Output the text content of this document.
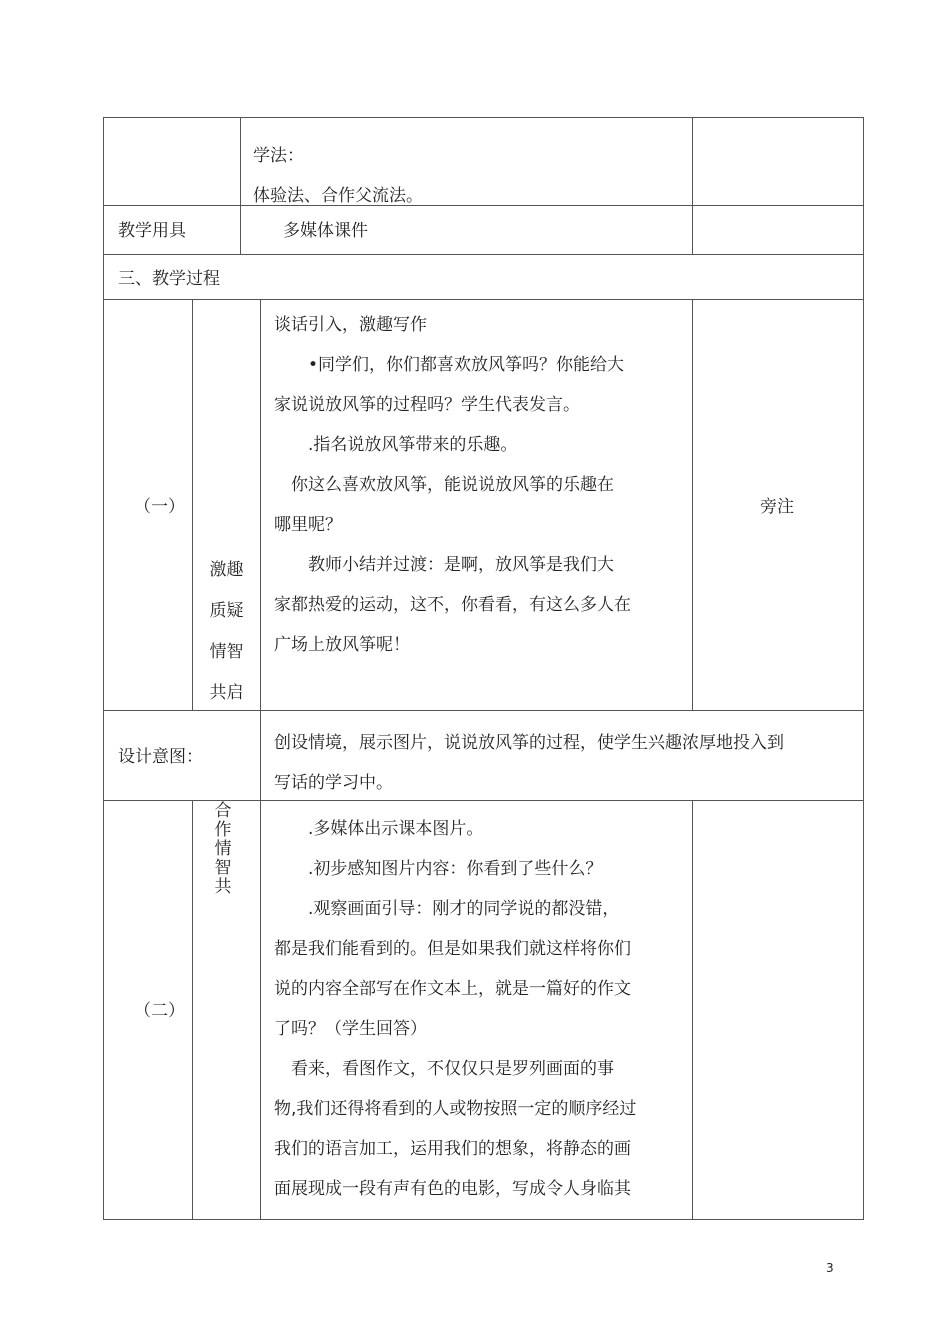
学法：
体验法、合作父流法。
教学用具	多媒体课件
三、教学过程
（一）
激趣
质疑
情智
共启

谈话引入，激趣写作

　　•同学们，你们都喜欢放风筝吗？你能给大

家说说放风筝的过程吗？学生代表发言。

　　.指名说放风筝带来的乐趣。

　你这么喜欢放风筝，能说说放风筝的乐趣在

哪里呢？

　　教师小结并过渡：是啊，放风筝是我们大

家都热爱的运动，这不，你看看，有这么多人在

广场上放风筝呢！

旁注
设计意图：

创设情境，展示图片，说说放风筝的过程，使学生兴趣浓厚地投入到

写话的学习中。

（二）
合
作
情
智
共

　　.多媒体出示课本图片。

　　.初步感知图片内容：你看到了些什么？

　　.观察画面引导：刚才的同学说的都没错，

都是我们能看到的。但是如果我们就这样将你们

说的内容全部写在作文本上，就是一篇好的作文

了吗？（学生回答）

　看来，看图作文，不仅仅只是罗列画面的事

物,我们还得将看到的人或物按照一定的顺序经过

我们的语言加工，运用我们的想象，将静态的画

面展现成一段有声有色的电影，写成令人身临其

3
